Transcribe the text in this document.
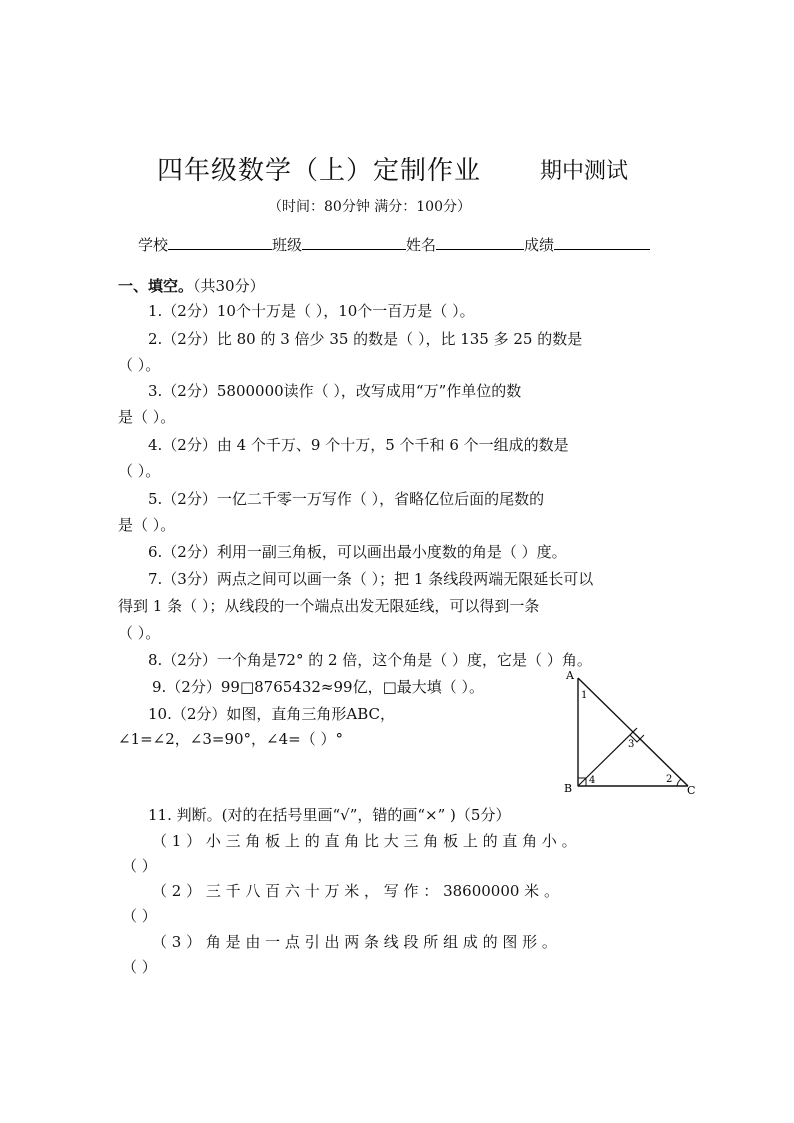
四年级数学（上）定制作业	期中测试
（时间：80分钟 满分：100分）
学校	班级	姓名	成绩
一、填空。（共30分）
1.（2分）10个十万是（ ），10个一百万是（ ）。
2.（2分）比 80 的 3 倍少 35 的数是（ ），比 135 多 25 的数是
（ ）。
3.（2分）5800000读作（ ），改写成用“万”作单位的数
是（ ）。
4.（2分）由 4 个千万、9 个十万，5 个千和 6 个一组成的数是
（ ）。
5.（2分）一亿二千零一万写作（ ），省略亿位后面的尾数的
是（ ）。
6.（2分）利用一副三角板，可以画出最小度数的角是（ ）度。
7.（3分）两点之间可以画一条（ ）；把 1 条线段两端无限延长可以
得到 1 条（ ）；从线段的一个端点出发无限延线，可以得到一条
（ ）。
8.（2分）一个角是72° 的 2 倍，这个角是（ ）度，它是（ ）角。
9.（2分）99□8765432≈99亿，□最大填（ ）。
10.（2分）如图，直角三角形ABC，
∠1=∠2，∠3=90°，∠4=（ ）°
A
B	C
1
2
3
4
11. 判断。(对的在括号里画“√”，错的画“×” )（5分）
（ 1 ） 小 三 角 板 上 的 直 角 比 大 三 角 板 上 的 直 角 小 。
（ ）
（ 2 ） 三 千 八 百 六 十 万 米 ， 写 作 ： 38600000 米 。
（ ）
（ 3 ） 角 是 由 一 点 引 出 两 条 线 段 所 组 成 的 图 形 。
（ ）
